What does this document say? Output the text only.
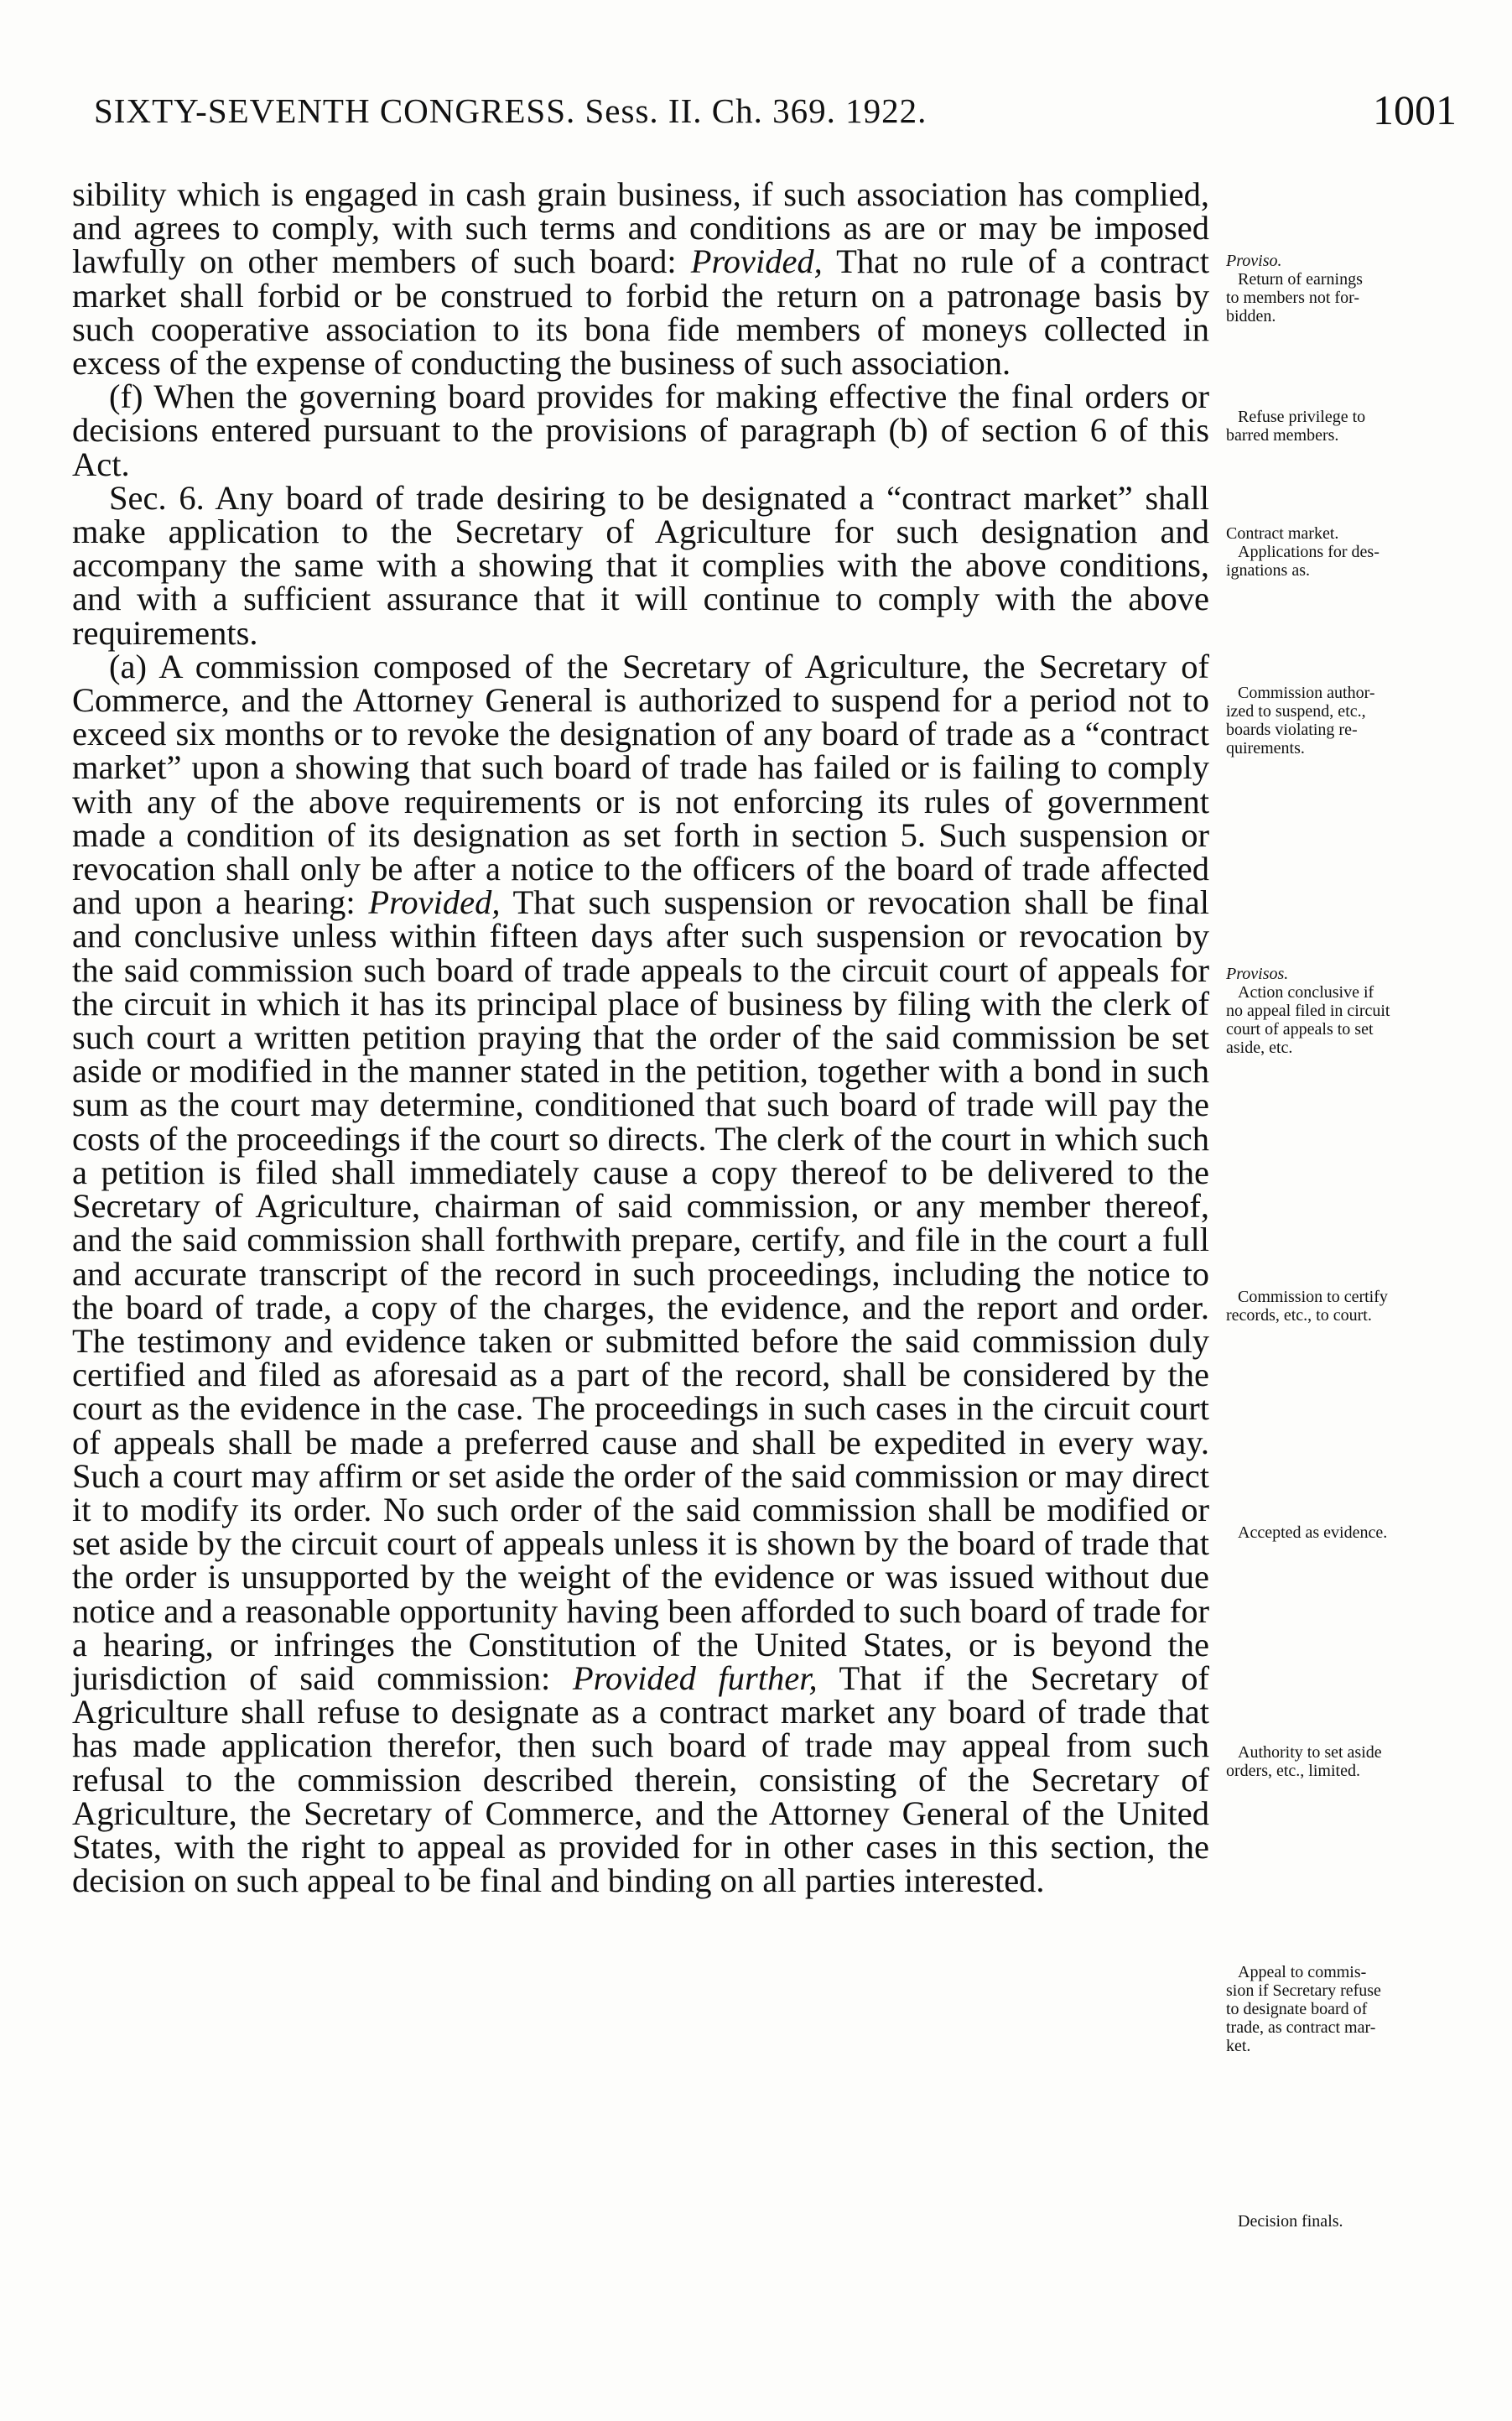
SIXTY-SEVENTH CONGRESS. Sess. II. Ch. 369. 1922.	1001

sibility which is engaged in cash grain business, if such association has complied, and agrees to comply, with such terms and conditions as are or may be imposed lawfully on other members of such board: Provided, That no rule of a contract market shall forbid or be construed to forbid the return on a patronage basis by such cooperative association to its bona fide members of moneys collected in excess of the expense of conducting the business of such association.

(f) When the governing board provides for making effective the final orders or decisions entered pursuant to the provisions of paragraph (b) of section 6 of this Act.

Sec. 6. Any board of trade desiring to be designated a “contract market” shall make application to the Secretary of Agriculture for such designation and accompany the same with a showing that it complies with the above conditions, and with a sufficient assurance that it will continue to comply with the above requirements.

(a) A commission composed of the Secretary of Agriculture, the Secretary of Commerce, and the Attorney General is authorized to suspend for a period not to exceed six months or to revoke the designation of any board of trade as a “contract market” upon a showing that such board of trade has failed or is failing to comply with any of the above requirements or is not enforcing its rules of government made a condition of its designation as set forth in section 5. Such suspension or revocation shall only be after a notice to the officers of the board of trade affected and upon a hearing: Provided, That such suspension or revocation shall be final and conclusive unless within fifteen days after such suspension or revocation by the said commission such board of trade appeals to the circuit court of appeals for the circuit in which it has its principal place of business by filing with the clerk of such court a written petition praying that the order of the said commission be set aside or modified in the manner stated in the petition, together with a bond in such sum as the court may determine, conditioned that such board of trade will pay the costs of the proceedings if the court so directs. The clerk of the court in which such a petition is filed shall immediately cause a copy thereof to be delivered to the Secretary of Agriculture, chairman of said commission, or any member thereof, and the said commission shall forthwith prepare, certify, and file in the court a full and accurate transcript of the record in such proceedings, including the notice to the board of trade, a copy of the charges, the evidence, and the report and order. The testimony and evidence taken or submitted before the said commission duly certified and filed as aforesaid as a part of the record, shall be considered by the court as the evidence in the case. The proceedings in such cases in the circuit court of appeals shall be made a preferred cause and shall be expedited in every way. Such a court may affirm or set aside the order of the said commission or may direct it to modify its order. No such order of the said commission shall be modified or set aside by the circuit court of appeals unless it is shown by the board of trade that the order is unsupported by the weight of the evidence or was issued without due notice and a reasonable opportunity having been afforded to such board of trade for a hearing, or infringes the Constitution of the United States, or is beyond the jurisdiction of said commission: Provided further, That if the Secretary of Agriculture shall refuse to designate as a contract market any board of trade that has made application therefor, then such board of trade may appeal from such refusal to the commission described therein, consisting of the Secretary of Agriculture, the Secretary of Commerce, and the Attorney General of the United States, with the right to appeal as provided for in other cases in this section, the decision on such appeal to be final and binding on all parties interested.

Proviso.
Return of earnings
to members not for-
bidden.
Refuse privilege to
barred members.
Contract market.
Applications for des-
ignations as.
Commission author-
ized to suspend, etc.,
boards violating re-
quirements.
Provisos.
Action conclusive if
no appeal filed in circuit
court of appeals to set
aside, etc.
Commission to certify
records, etc., to court.
Accepted as evidence.
Authority to set aside
orders, etc., limited.
Appeal to commis-
sion if Secretary refuse
to designate board of
trade, as contract mar-
ket.
Decision finals.
